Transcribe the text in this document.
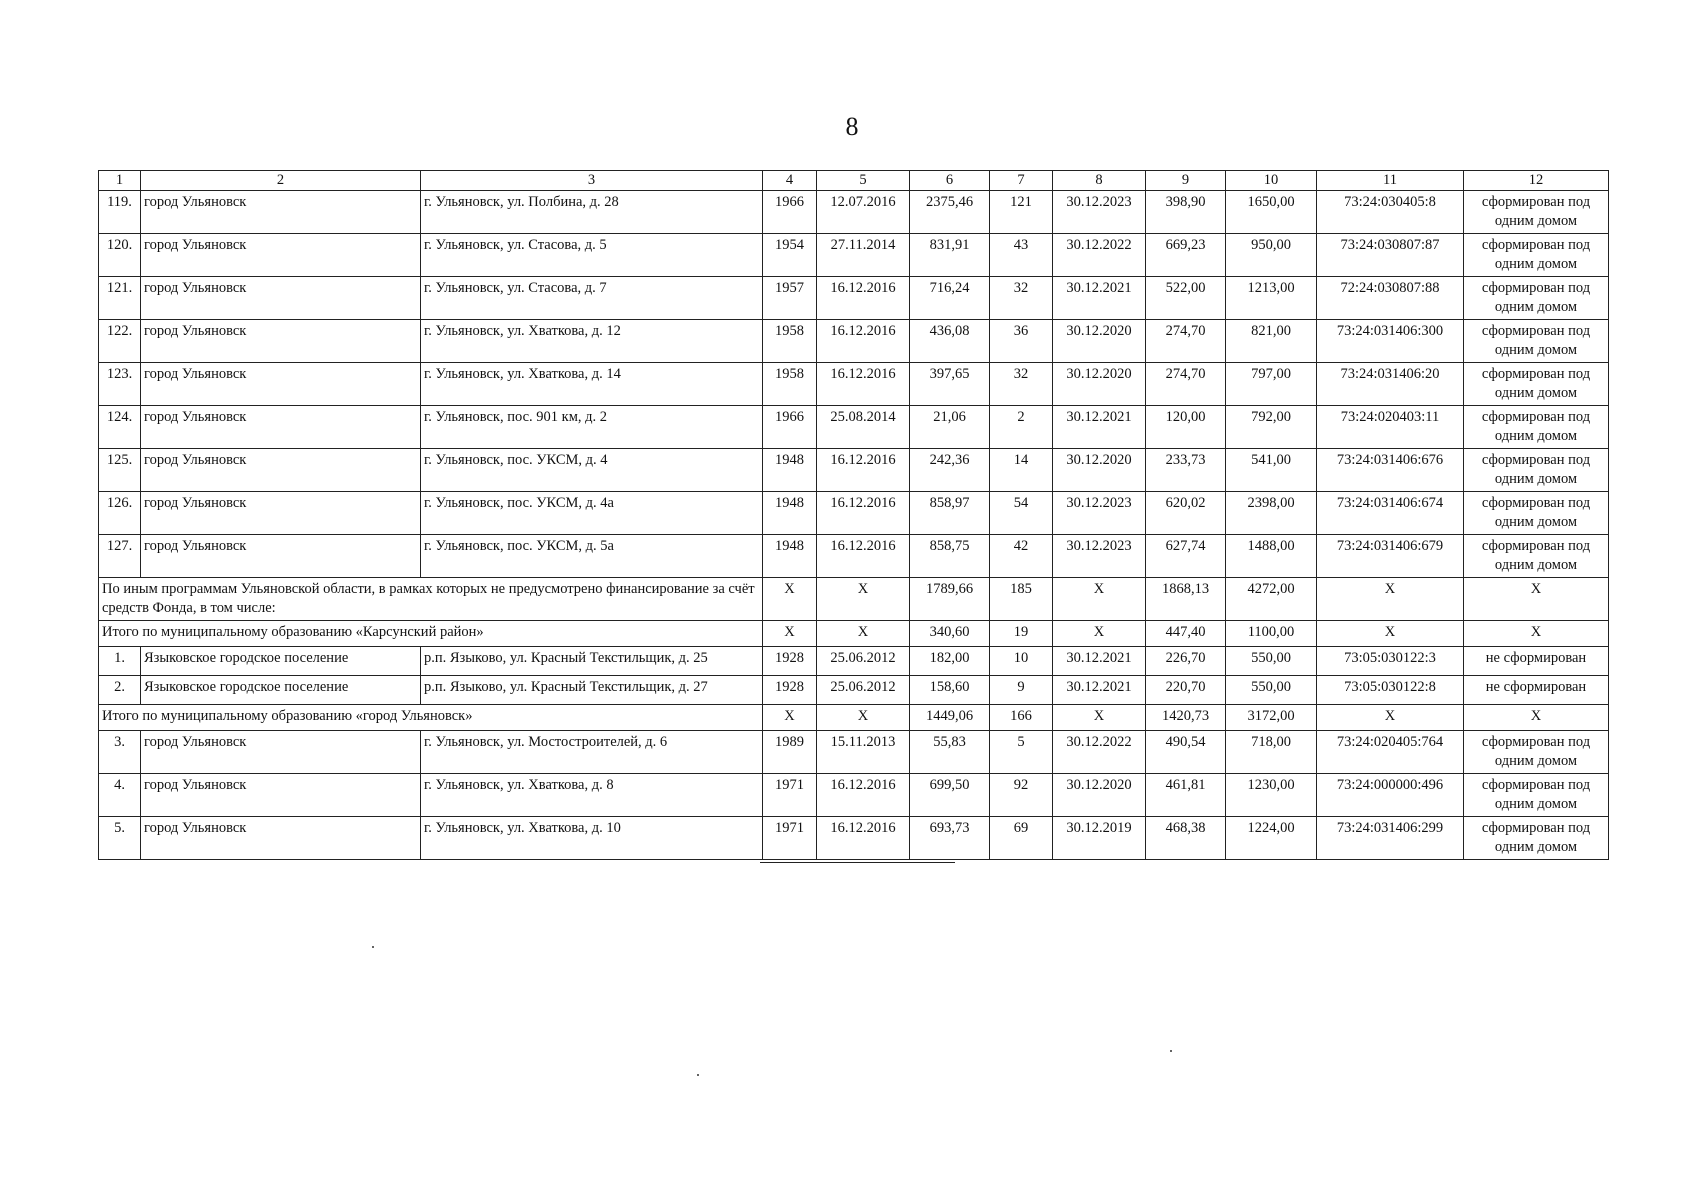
8
1	2	3	4	5	6	7	8	9	10	11	12
119.	город Ульяновск	г. Ульяновск, ул. Полбина, д. 28	1966	12.07.2016	2375,46	121	30.12.2023	398,90	1650,00	73:24:030405:8	сформирован под одним домом
120.	город Ульяновск	г. Ульяновск, ул. Стасова, д. 5	1954	27.11.2014	831,91	43	30.12.2022	669,23	950,00	73:24:030807:87	сформирован под одним домом
121.	город Ульяновск	г. Ульяновск, ул. Стасова, д. 7	1957	16.12.2016	716,24	32	30.12.2021	522,00	1213,00	72:24:030807:88	сформирован под одним домом
122.	город Ульяновск	г. Ульяновск, ул. Хваткова, д. 12	1958	16.12.2016	436,08	36	30.12.2020	274,70	821,00	73:24:031406:300	сформирован под одним домом
123.	город Ульяновск	г. Ульяновск, ул. Хваткова, д. 14	1958	16.12.2016	397,65	32	30.12.2020	274,70	797,00	73:24:031406:20	сформирован под одним домом
124.	город Ульяновск	г. Ульяновск, пос. 901 км, д. 2	1966	25.08.2014	21,06	2	30.12.2021	120,00	792,00	73:24:020403:11	сформирован под одним домом
125.	город Ульяновск	г. Ульяновск, пос. УКСМ, д. 4	1948	16.12.2016	242,36	14	30.12.2020	233,73	541,00	73:24:031406:676	сформирован под одним домом
126.	город Ульяновск	г. Ульяновск, пос. УКСМ, д. 4а	1948	16.12.2016	858,97	54	30.12.2023	620,02	2398,00	73:24:031406:674	сформирован под одним домом
127.	город Ульяновск	г. Ульяновск, пос. УКСМ, д. 5а	1948	16.12.2016	858,75	42	30.12.2023	627,74	1488,00	73:24:031406:679	сформирован под одним домом
По иным программам Ульяновской области, в рамках которых не предусмотрено финансирование за счёт средств Фонда, в том числе:			X	X	1789,66	185	X	1868,13	4272,00	X	X
Итого по муниципальному образованию «Карсунский район»			X	X	340,60	19	X	447,40	1100,00	X	X
1.	Языковское городское поселение	р.п. Языково, ул. Красный Текстильщик, д. 25	1928	25.06.2012	182,00	10	30.12.2021	226,70	550,00	73:05:030122:3	не сформирован
2.	Языковское городское поселение	р.п. Языково, ул. Красный Текстильщик, д. 27	1928	25.06.2012	158,60	9	30.12.2021	220,70	550,00	73:05:030122:8	не сформирован
Итого по муниципальному образованию «город Ульяновск»			X	X	1449,06	166	X	1420,73	3172,00	X	X
3.	город Ульяновск	г. Ульяновск, ул. Мостостроителей, д. 6	1989	15.11.2013	55,83	5	30.12.2022	490,54	718,00	73:24:020405:764	сформирован под одним домом
4.	город Ульяновск	г. Ульяновск, ул. Хваткова, д. 8	1971	16.12.2016	699,50	92	30.12.2020	461,81	1230,00	73:24:000000:496	сформирован под одним домом
5.	город Ульяновск	г. Ульяновск, ул. Хваткова, д. 10	1971	16.12.2016	693,73	69	30.12.2019	468,38	1224,00	73:24:031406:299	сформирован под одним домом
